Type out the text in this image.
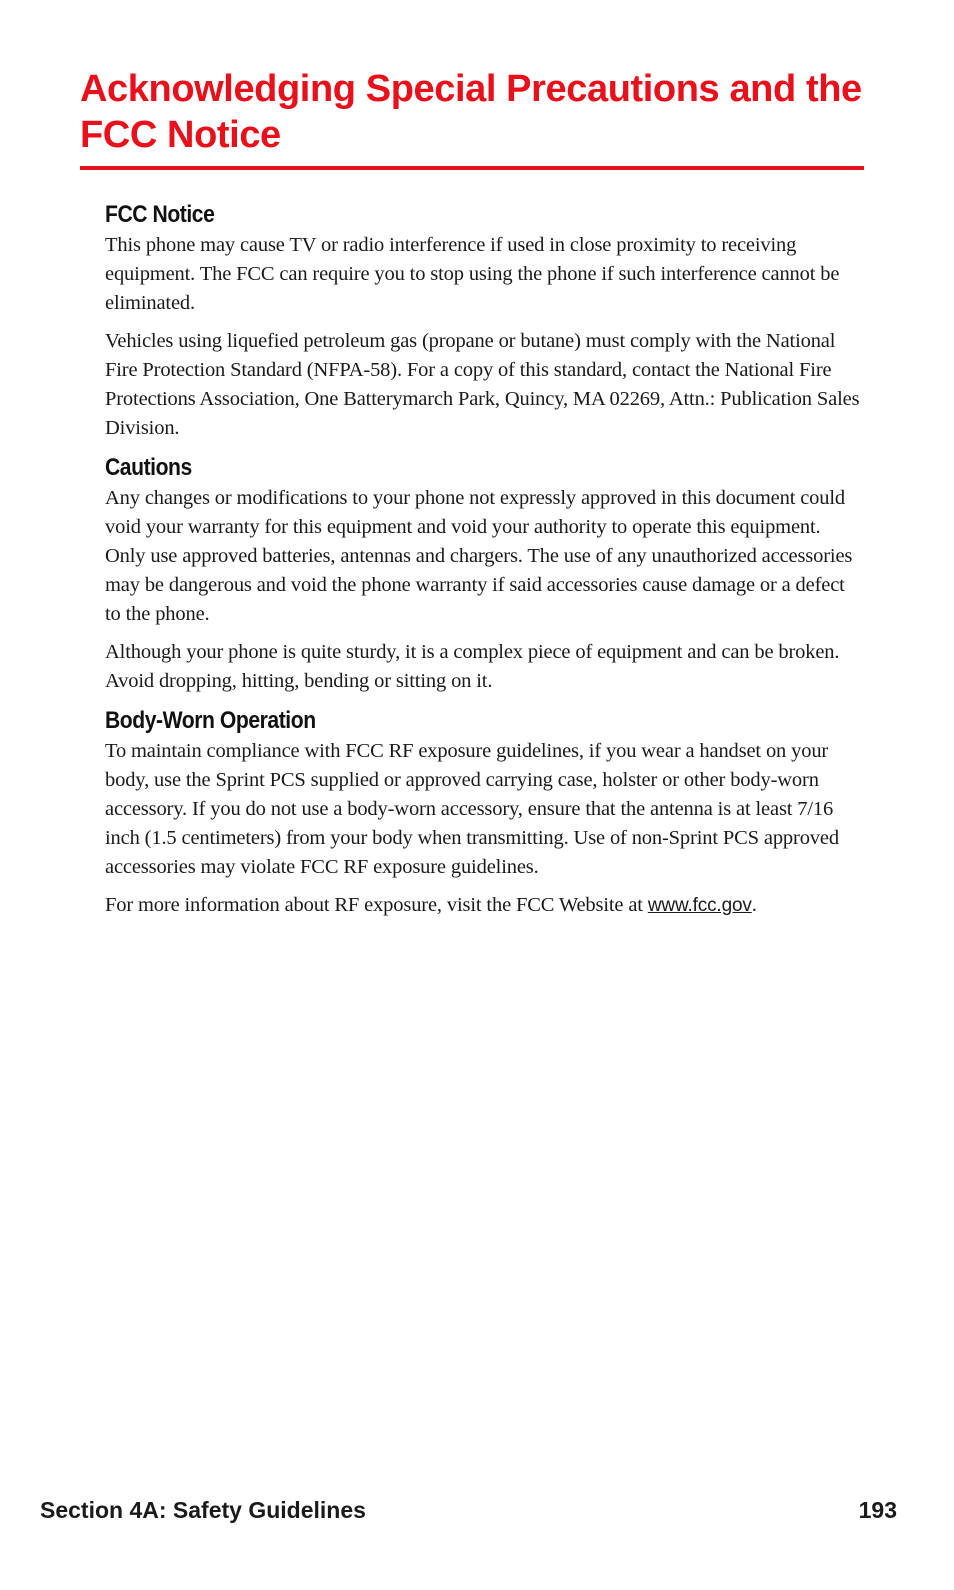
Acknowledging Special Precautions and the FCC Notice
FCC Notice

This phone may cause TV or radio interference if used in close proximity to receiving equipment. The FCC can require you to stop using the phone if such interference cannot be eliminated.

Vehicles using liquefied petroleum gas (propane or butane) must comply with the National Fire Protection Standard (NFPA-58). For a copy of this standard, contact the National Fire Protections Association, One Batterymarch Park, Quincy, MA 02269, Attn.: Publication Sales Division.

Cautions

Any changes or modifications to your phone not expressly approved in this document could void your warranty for this equipment and void your authority to operate this equipment. Only use approved batteries, antennas and chargers. The use of any unauthorized accessories may be dangerous and void the phone warranty if said accessories cause damage or a defect to the phone.

Although your phone is quite sturdy, it is a complex piece of equipment and can be broken. Avoid dropping, hitting, bending or sitting on it.

Body-Worn Operation

To maintain compliance with FCC RF exposure guidelines, if you wear a handset on your body, use the Sprint PCS supplied or approved carrying case, holster or other body-worn accessory. If you do not use a body-worn accessory, ensure that the antenna is at least 7/16 inch (1.5 centimeters) from your body when transmitting. Use of non-Sprint PCS approved accessories may violate FCC RF exposure guidelines.

For more information about RF exposure, visit the FCC Website at www.fcc.gov.

Section 4A: Safety Guidelines	193
